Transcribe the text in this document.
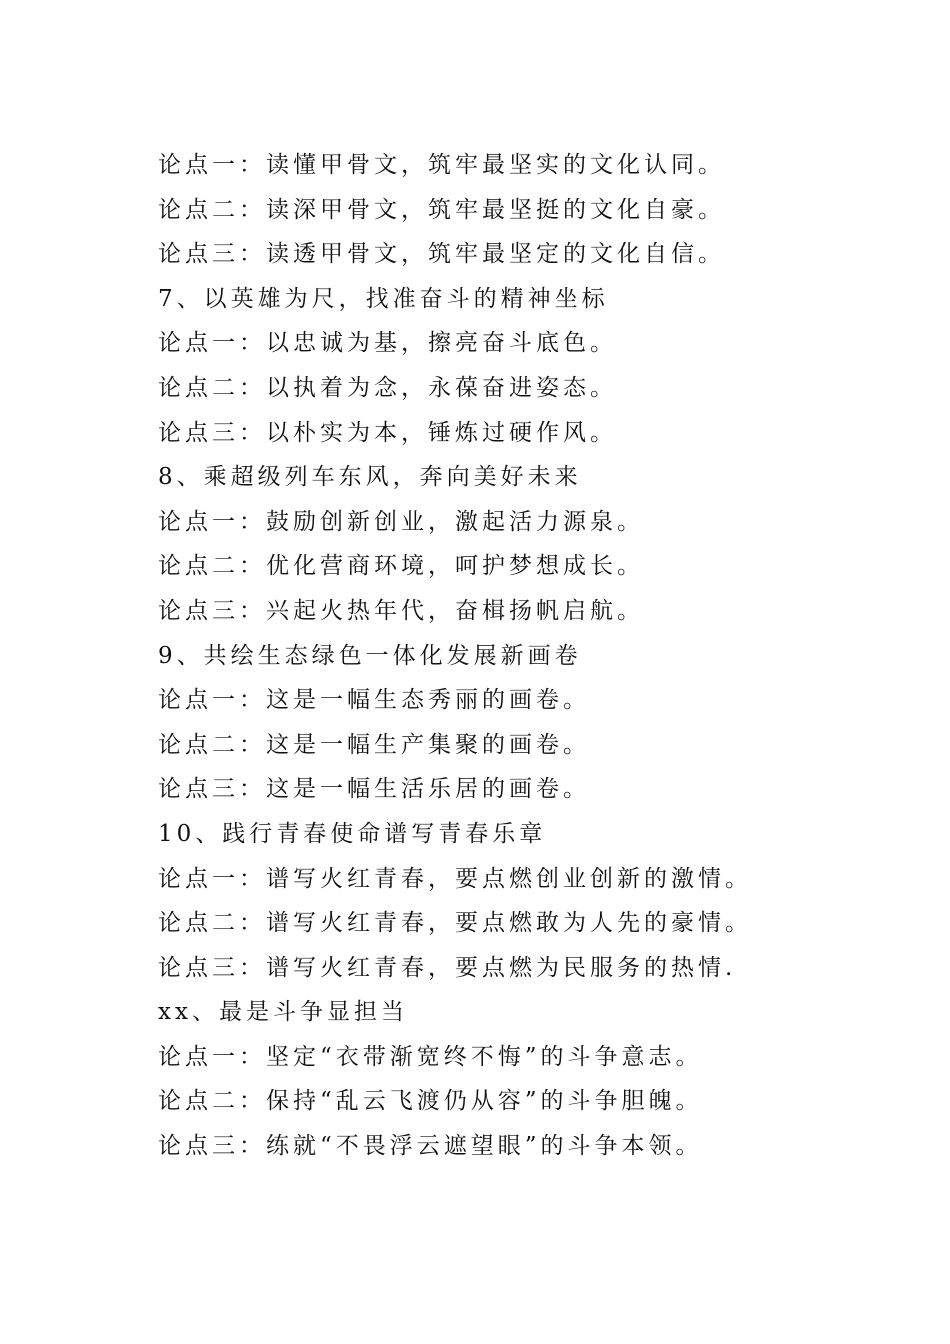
论点一：读懂甲骨文，筑牢最坚实的文化认同。
论点二：读深甲骨文，筑牢最坚挺的文化自豪。
论点三：读透甲骨文，筑牢最坚定的文化自信。
7、以英雄为尺，找准奋斗的精神坐标
论点一：以忠诚为基，擦亮奋斗底色。
论点二：以执着为念，永葆奋进姿态。
论点三：以朴实为本，锤炼过硬作风。
8、乘超级列车东风，奔向美好未来
论点一：鼓励创新创业，激起活力源泉。
论点二：优化营商环境，呵护梦想成长。
论点三：兴起火热年代，奋楫扬帆启航。
9、共绘生态绿色一体化发展新画卷
论点一：这是一幅生态秀丽的画卷。
论点二：这是一幅生产集聚的画卷。
论点三：这是一幅生活乐居的画卷。
10、践行青春使命谱写青春乐章
论点一：谱写火红青春，要点燃创业创新的激情。
论点二：谱写火红青春，要点燃敢为人先的豪情。
论点三：谱写火红青春，要点燃为民服务的热情.
xx、最是斗争显担当
论点一：坚定“衣带渐宽终不悔”的斗争意志。
论点二：保持“乱云飞渡仍从容”的斗争胆魄。
论点三：练就“不畏浮云遮望眼”的斗争本领。
